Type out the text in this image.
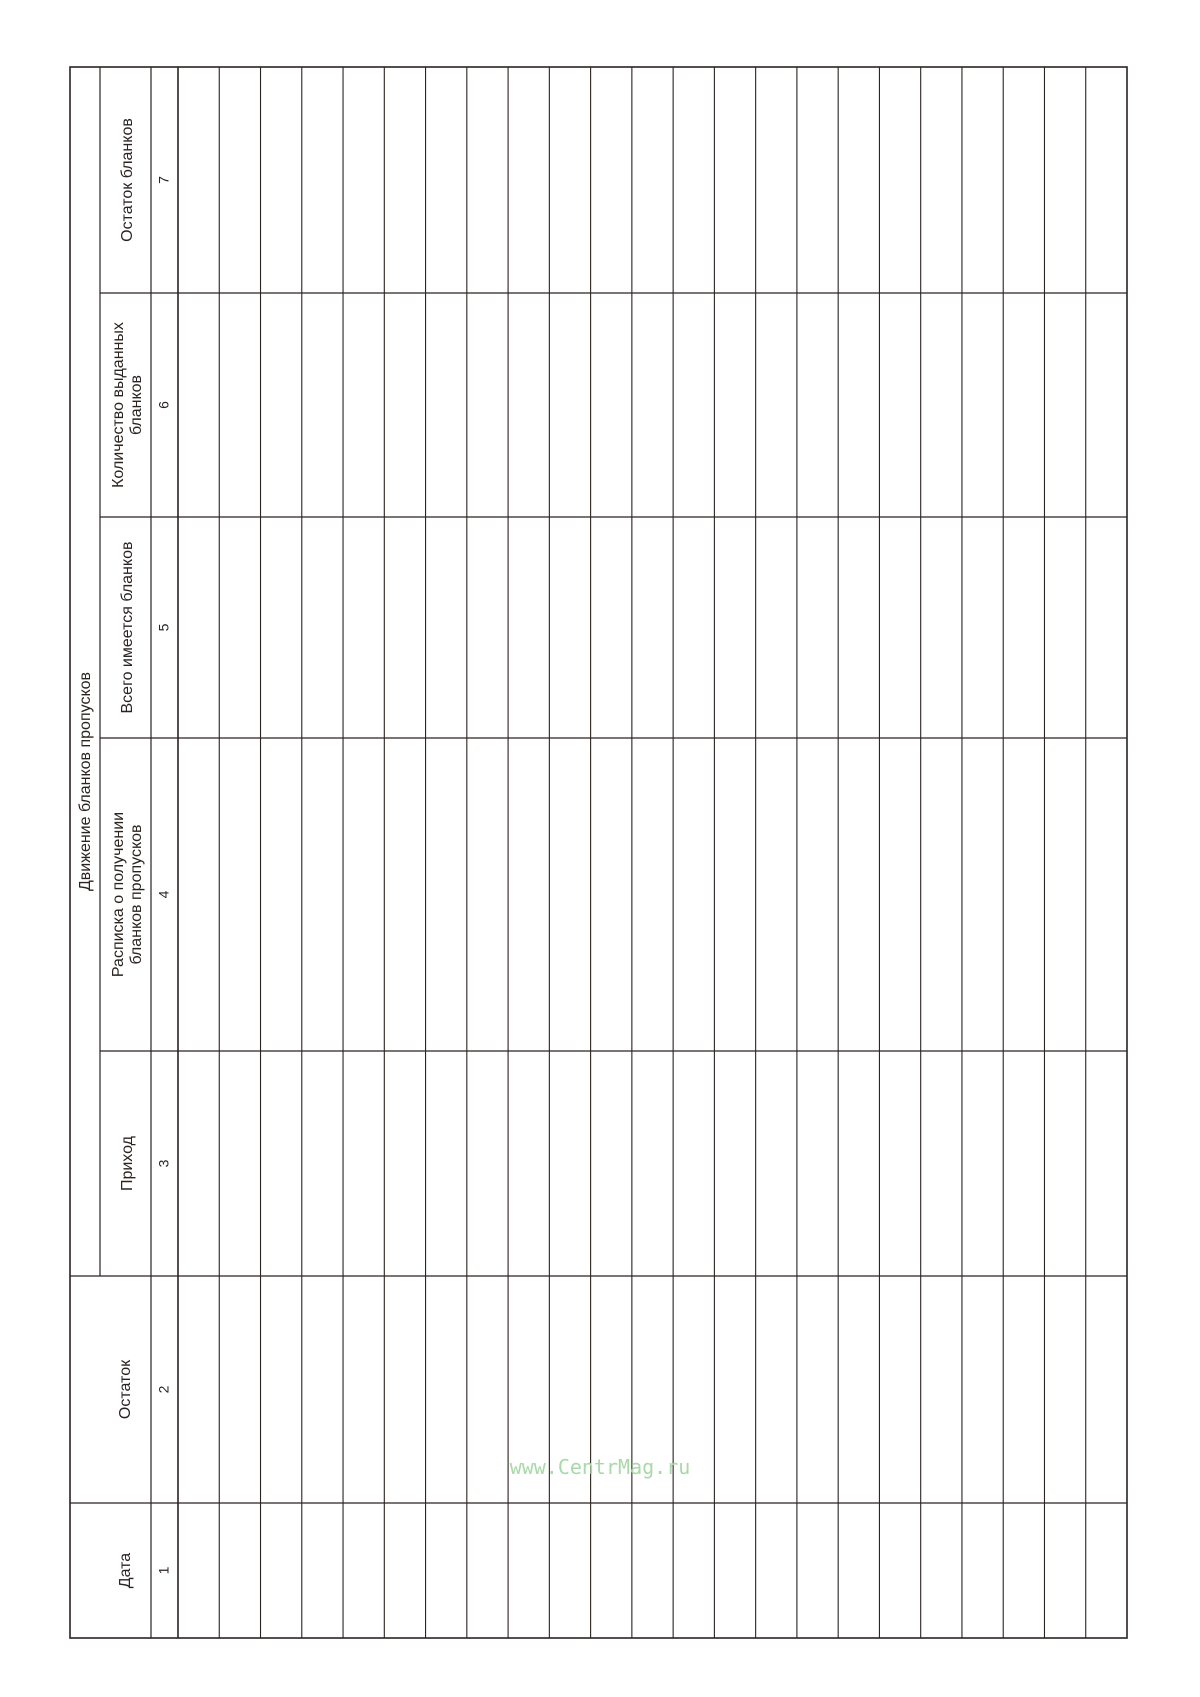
Движение бланков пропусков
Дата 1
Остаток 2
Приход 3
Расписка о получении бланков пропусков 4
Всего имеется бланков 5
Количество выданных бланков 6
Остаток бланков 7
www.CentrMag.ru
